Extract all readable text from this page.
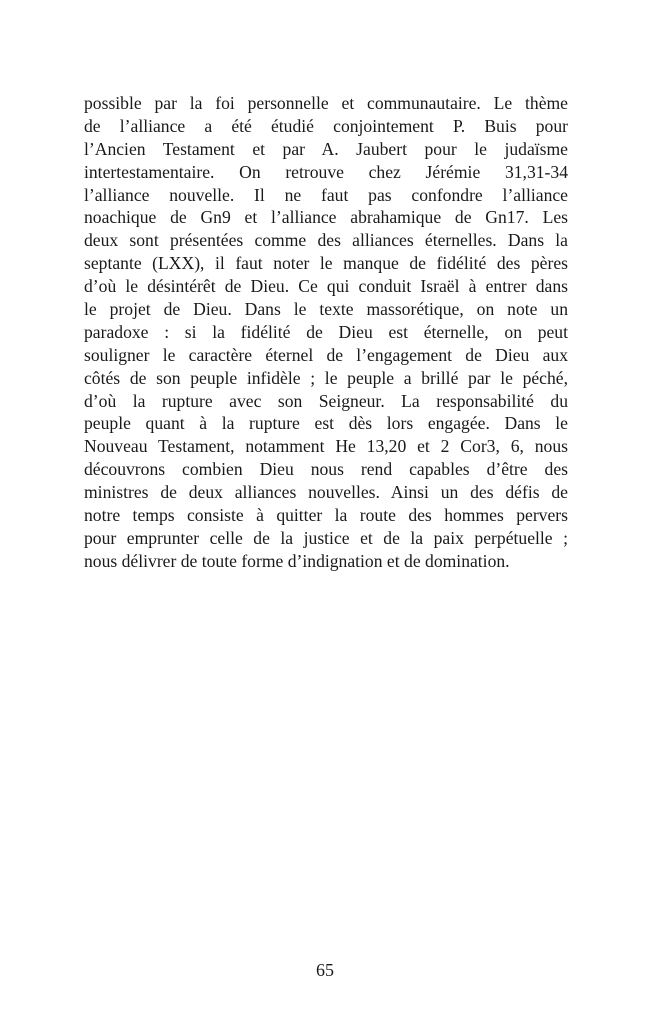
possible par la foi personnelle et communautaire. Le thème
de l’alliance a été étudié conjointement P. Buis pour
l’Ancien Testament et par A. Jaubert pour le judaïsme
intertestamentaire. On retrouve chez Jérémie 31,31-34
l’alliance nouvelle. Il ne faut pas confondre l’alliance
noachique de Gn9 et l’alliance abrahamique de Gn17. Les
deux sont présentées comme des alliances éternelles. Dans la
septante (LXX), il faut noter le manque de fidélité des pères
d’où le désintérêt de Dieu. Ce qui conduit Israël à entrer dans
le projet de Dieu. Dans le texte massorétique, on note un
paradoxe : si la fidélité de Dieu est éternelle, on peut
souligner le caractère éternel de l’engagement de Dieu aux
côtés de son peuple infidèle ; le peuple a brillé par le péché,
d’où la rupture avec son Seigneur. La responsabilité du
peuple quant à la rupture est dès lors engagée. Dans le
Nouveau Testament, notamment He 13,20 et 2 Cor3, 6, nous
découvrons combien Dieu nous rend capables d’être des
ministres de deux alliances nouvelles. Ainsi un des défis de
notre temps consiste à quitter la route des hommes pervers
pour emprunter celle de la justice et de la paix perpétuelle ;
nous délivrer de toute forme d’indignation et de domination.
65
